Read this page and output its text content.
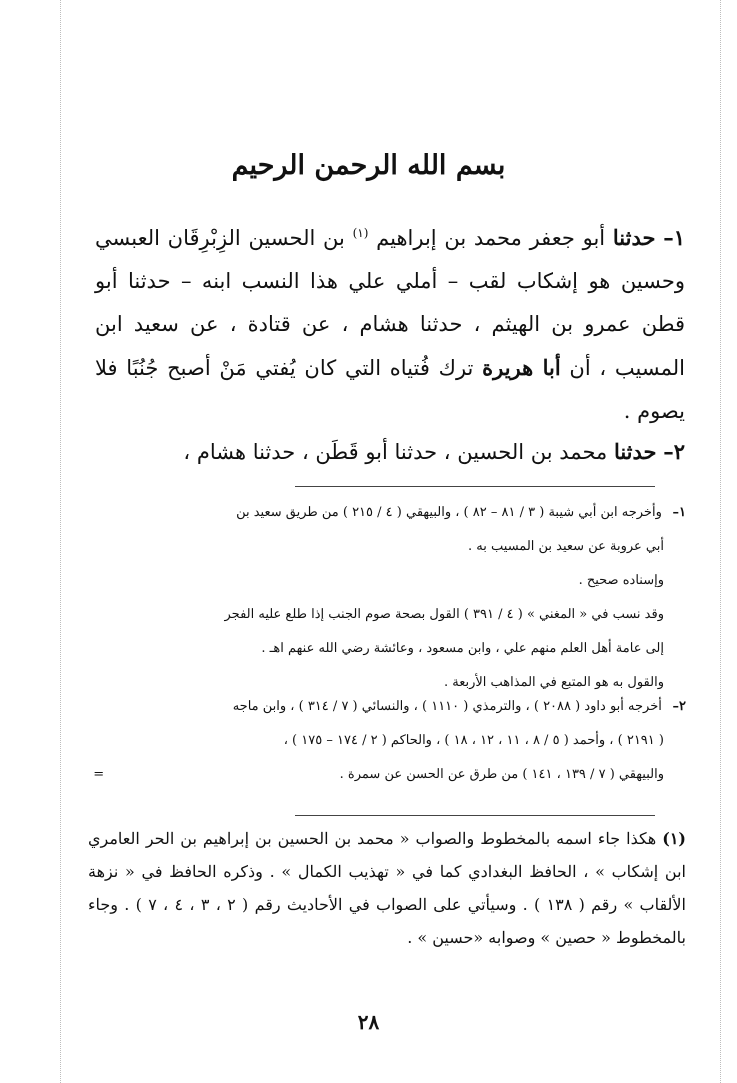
بسم الله الرحمن الرحيم
١– حدثنا أبو جعفر محمد بن إبراهيم $^{(١)}$ بن الحسين الزِبْرِقَان العبسي وحسين هو إشكاب لقب – أملي علي هذا النسب ابنه – حدثنا أبو قطن عمرو بن الهيثم ، حدثنا هشام ، عن قتادة ، عن سعيد ابن المسيب ، أن أبا هريرة ترك فُتياه التي كان يُفتي مَنْ أصبح جُنُبًا فلا يصوم .
٢– حدثنا محمد بن الحسين ، حدثنا أبو قَطَن ، حدثنا هشام ،
١– وأخرجه ابن أبي شيبة ( ٣ / ٨١ – ٨٢ ) ، والبيهقي ( ٤ / ٢١٥ ) من طريق سعيد بن
أبي عروبة عن سعيد بن المسيب به .
وإسناده صحيح .
وقد نسب في « المغني » ( ٤ / ٣٩١ ) القول بصحة صوم الجنب إذا طلع عليه الفجر
إلى عامة أهل العلم منهم علي ، وابن مسعود ، وعائشة رضي الله عنهم اهـ .
والقول به هو المتبع في المذاهب الأربعة .
٢– أخرجه أبو داود ( ٢٠٨٨ ) ، والترمذي ( ١١١٠ ) ، والنسائي ( ٧ / ٣١٤ ) ، وابن ماجه
( ٢١٩١ ) ، وأحمد ( ٥ / ٨ ، ١١ ، ١٢ ، ١٨ ) ، والحاكم ( ٢ / ١٧٤ – ١٧٥ ) ،
والبيهقي ( ٧ / ١٣٩ ، ١٤١ ) من طرق عن الحسن عن سمرة .                                                         =
(١) هكذا جاء اسمه بالمخطوط والصواب « محمد بن الحسين بن إبراهيم بن الحر العامري ابن إشكاب » ، الحافظ البغدادي كما في « تهذيب الكمال » . وذكره الحافظ في « نزهة الألقاب » رقم ( ١٣٨ ) . وسيأتي على الصواب في الأحاديث رقم ( ٢ ، ٣ ، ٤ ، ٧ ) . وجاء بالمخطوط « حصين » وصوابه «حسين » .
٢٨
